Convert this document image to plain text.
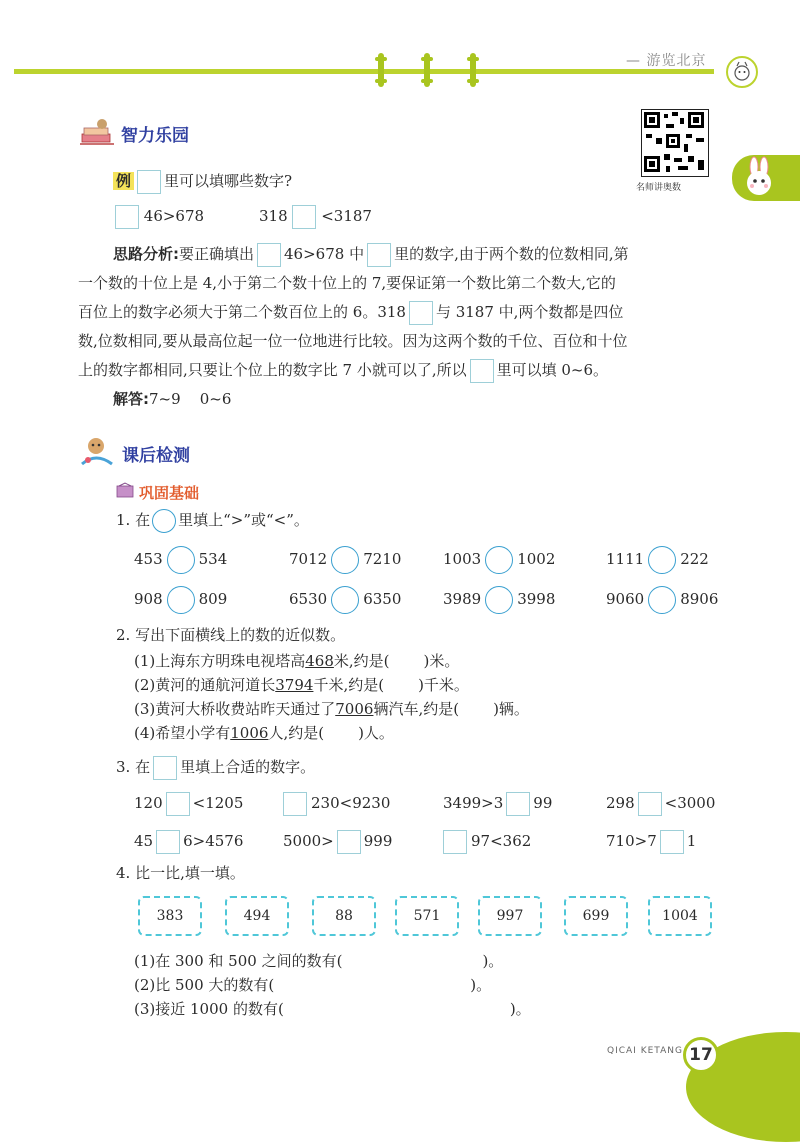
— 游览北京
名师讲奥数
智力乐园
例 里可以填哪些数字?
46>678	318 <3187
思路分析:要正确填出 46>678 中 里的数字,由于两个数的位数相同,第
一个数的十位上是 4,小于第二个数十位上的 7,要保证第一个数比第二个数大,它的
百位上的数字必须大于第二个数百位上的 6。318 与 3187 中,两个数都是四位
数,位数相同,要从最高位起一位一位地进行比较。因为这两个数的千位、百位和十位
上的数字都相同,只要让个位上的数字比 7 小就可以了,所以 里可以填 0~6。
解答:7~9    0~6
课后检测
巩固基础
1. 在 里填上“>”或“<”。
453 534	7012 7210	1003 1002	1111 222
908 809	6530 6350	3989 3998	9060 8906
2. 写出下面横线上的数的近似数。
(1)上海东方明珠电视塔高468米,约是( )米。
(2)黄河的通航河道长3794千米,约是( )千米。
(3)黄河大桥收费站昨天通过了7006辆汽车,约是( )辆。
(4)希望小学有1006人,约是( )人。
3. 在 里填上合适的数字。
120 <1205	230<9230	3499>3 99	298 <3000
45 6>4576	5000> 999	97<362	710>7 1
4. 比一比,填一填。
383	494	88	571	997	699	1004
(1)在 300 和 500 之间的数有(	)。
(2)比 500 大的数有(	)。
(3)接近 1000 的数有(	)。
QICAI KETANG 17
